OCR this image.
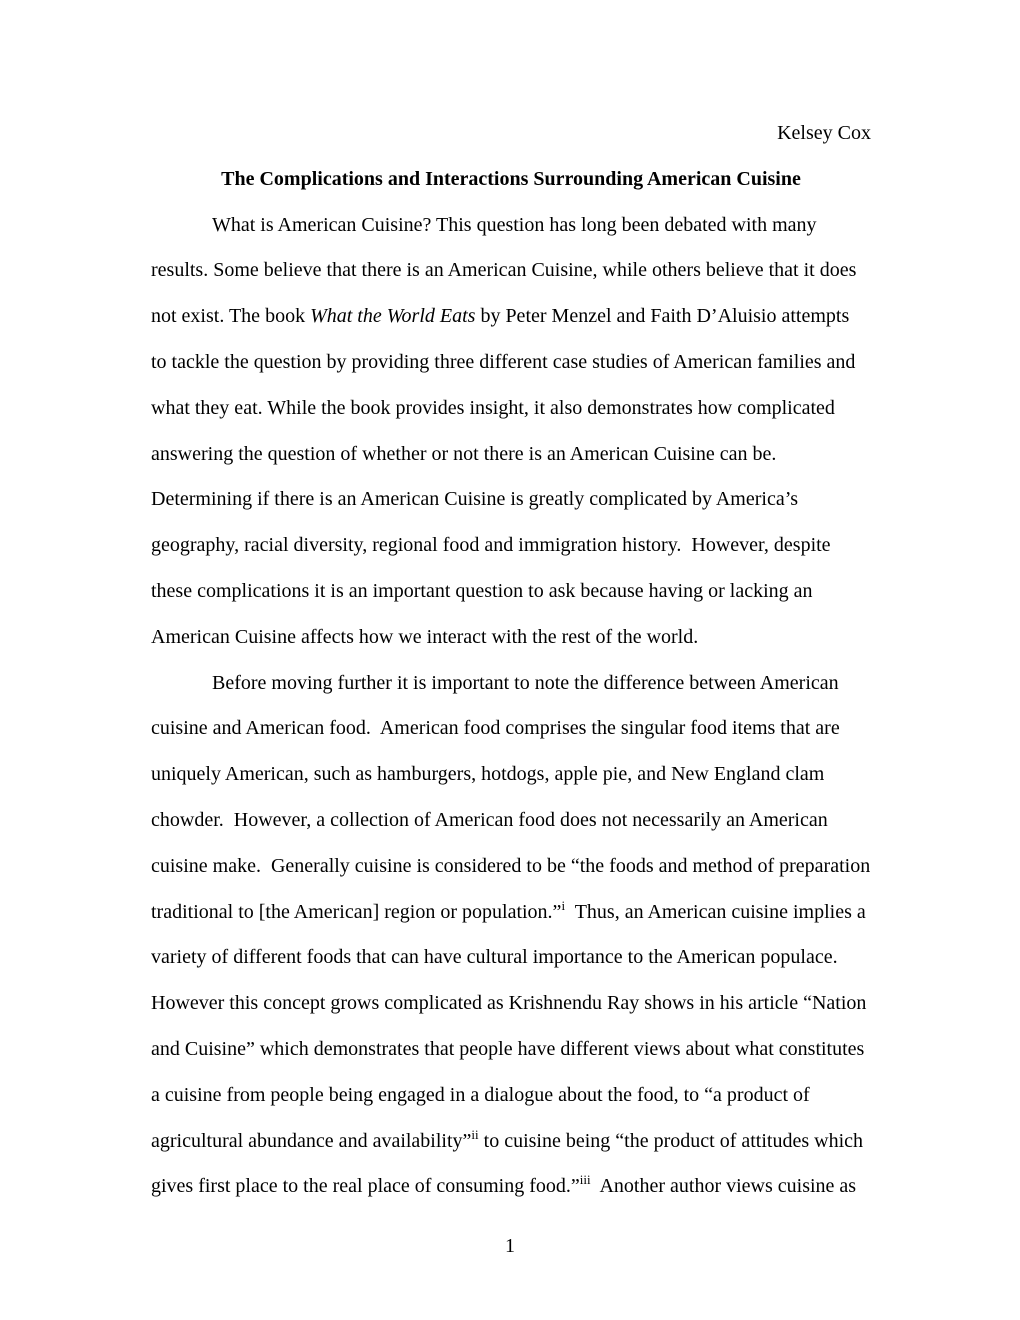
Kelsey Cox
The Complications and Interactions Surrounding American Cuisine
What is American Cuisine? This question has long been debated with many
results. Some believe that there is an American Cuisine, while others believe that it does
not exist. The book What the World Eats by Peter Menzel and Faith D’Aluisio attempts
to tackle the question by providing three different case studies of American families and
what they eat. While the book provides insight, it also demonstrates how complicated
answering the question of whether or not there is an American Cuisine can be.
Determining if there is an American Cuisine is greatly complicated by America’s
geography, racial diversity, regional food and immigration history.  However, despite
these complications it is an important question to ask because having or lacking an
American Cuisine affects how we interact with the rest of the world.
Before moving further it is important to note the difference between American
cuisine and American food.  American food comprises the singular food items that are
uniquely American, such as hamburgers, hotdogs, apple pie, and New England clam
chowder.  However, a collection of American food does not necessarily an American
cuisine make.  Generally cuisine is considered to be “the foods and method of preparation
traditional to [the American] region or population.”$^i$  Thus, an American cuisine implies a
variety of different foods that can have cultural importance to the American populace.
However this concept grows complicated as Krishnendu Ray shows in his article “Nation
and Cuisine” which demonstrates that people have different views about what constitutes
a cuisine from people being engaged in a dialogue about the food, to “a product of
agricultural abundance and availability”$^{ii}$ to cuisine being “the product of attitudes which
gives first place to the real place of consuming food.”$^{iii}$  Another author views cuisine as
1
